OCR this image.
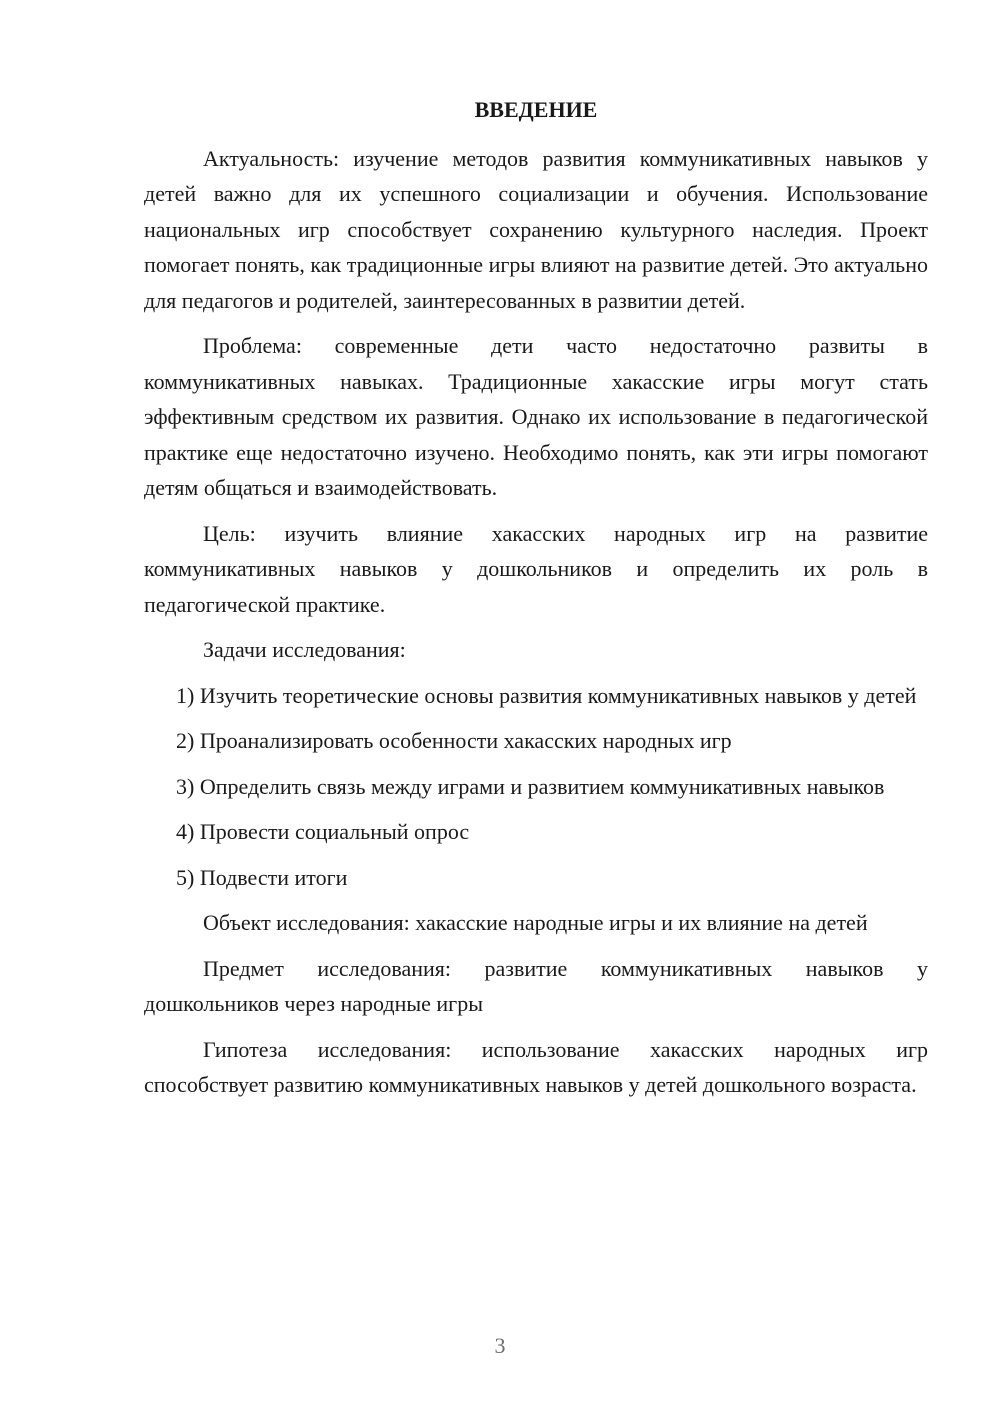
ВВЕДЕНИЕ

Актуальность: изучение методов развития коммуникативных навыков у детей важно для их успешного социализации и обучения. Использование национальных игр способствует сохранению культурного наследия. Проект помогает понять, как традиционные игры влияют на развитие детей. Это актуально для педагогов и родителей, заинтересованных в развитии детей.

Проблема: современные дети часто недостаточно развиты в коммуникативных навыках. Традиционные хакасские игры могут стать эффективным средством их развития. Однако их использование в педагогической практике еще недостаточно изучено. Необходимо понять, как эти игры помогают детям общаться и взаимодействовать.

Цель: изучить влияние хакасских народных игр на развитие коммуникативных навыков у дошкольников и определить их роль в педагогической практике.

Задачи исследования:

1) Изучить теоретические основы развития коммуникативных навыков у детей

2) Проанализировать особенности хакасских народных игр

3) Определить связь между играми и развитием коммуникативных навыков

4) Провести социальный опрос

5) Подвести итоги

Объект исследования: хакасские народные игры и их влияние на детей

Предмет исследования: развитие коммуникативных навыков у дошкольников через народные игры

Гипотеза исследования: использование хакасских народных игр способствует развитию коммуникативных навыков у детей дошкольного возраста.

3
